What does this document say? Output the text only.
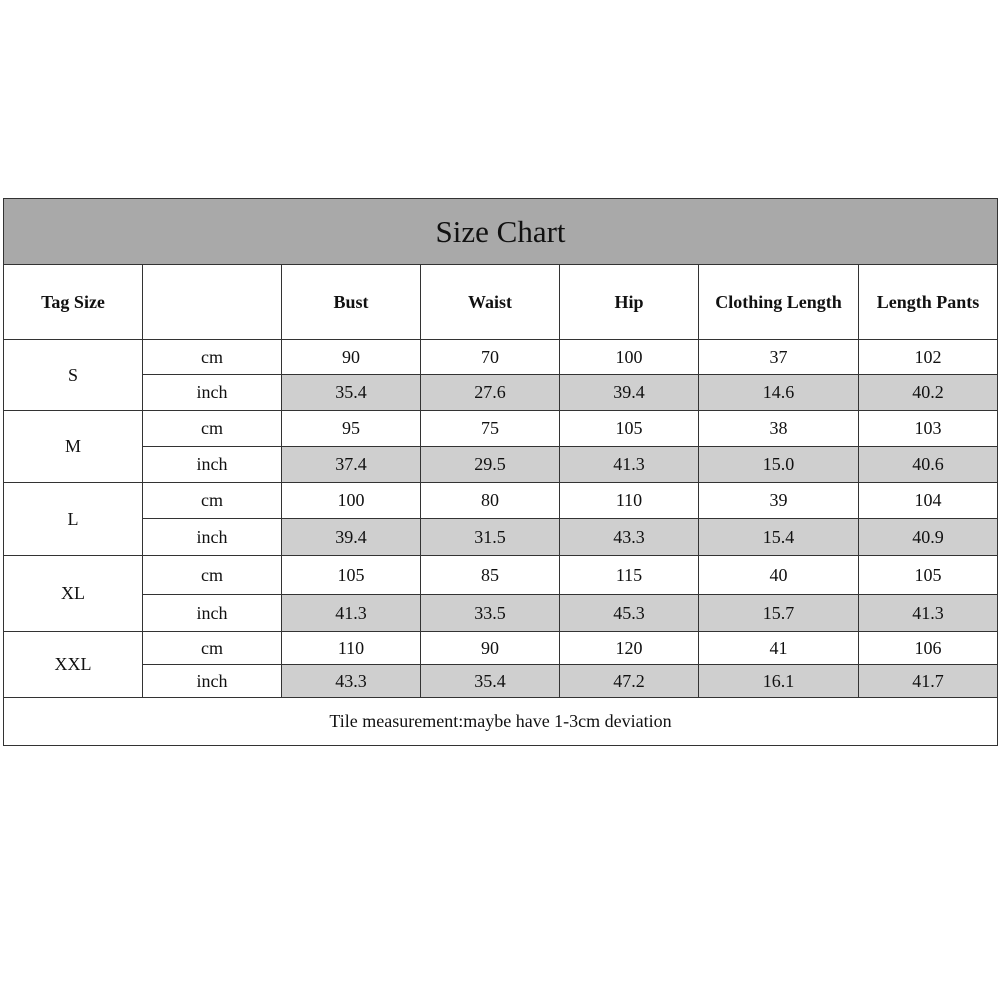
Size Chart						
Tag Size		Bust	Waist	Hip	Clothing Length	Length Pants
S	cm	90	70	100	37	102
	inch	35.4	27.6	39.4	14.6	40.2
M	cm	95	75	105	38	103
	inch	37.4	29.5	41.3	15.0	40.6
L	cm	100	80	110	39	104
	inch	39.4	31.5	43.3	15.4	40.9
XL	cm	105	85	115	40	105
	inch	41.3	33.5	45.3	15.7	41.3
XXL	cm	110	90	120	41	106
	inch	43.3	35.4	47.2	16.1	41.7
Tile measurement:maybe have 1-3cm deviation						
